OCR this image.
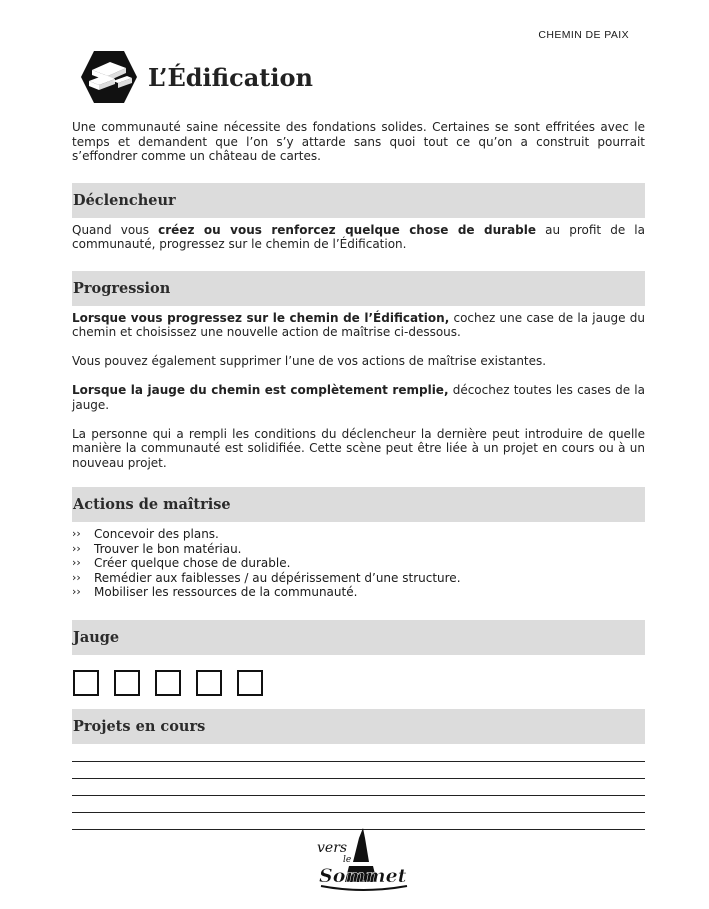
CHEMIN DE PAIX
L’Édification

Une communauté saine nécessite des fondations solides. Certaines se sont effritées avec le temps et demandent que l’on s’y attarde sans quoi tout ce qu’on a construit pourrait s’effondrer comme un château de cartes.

Déclencheur

Quand vous créez ou vous renforcez quelque chose de durable au profit de la communauté, progressez sur le chemin de l’Édification.

Progression

Lorsque vous progressez sur le chemin de l’Édification, cochez une case de la jauge du chemin et choisissez une nouvelle action de maîtrise ci-dessous.

Vous pouvez également supprimer l’une de vos actions de maîtrise existantes.

Lorsque la jauge du chemin est complètement remplie, décochez toutes les cases de la jauge.

La personne qui a rempli les conditions du déclencheur la dernière peut introduire de quelle manière la communauté est solidifiée. Cette scène peut être liée à un projet en cours ou à un nouveau projet.

Actions de maîtrise
››	Concevoir des plans.
››	Trouver le bon matériau.
››	Créer quelque chose de durable.
››	Remédier aux faiblesses / au dépérissement d’une structure.
››	Mobiliser les ressources de la communauté.
Jauge
Projets en cours
vers
le
Sommet
